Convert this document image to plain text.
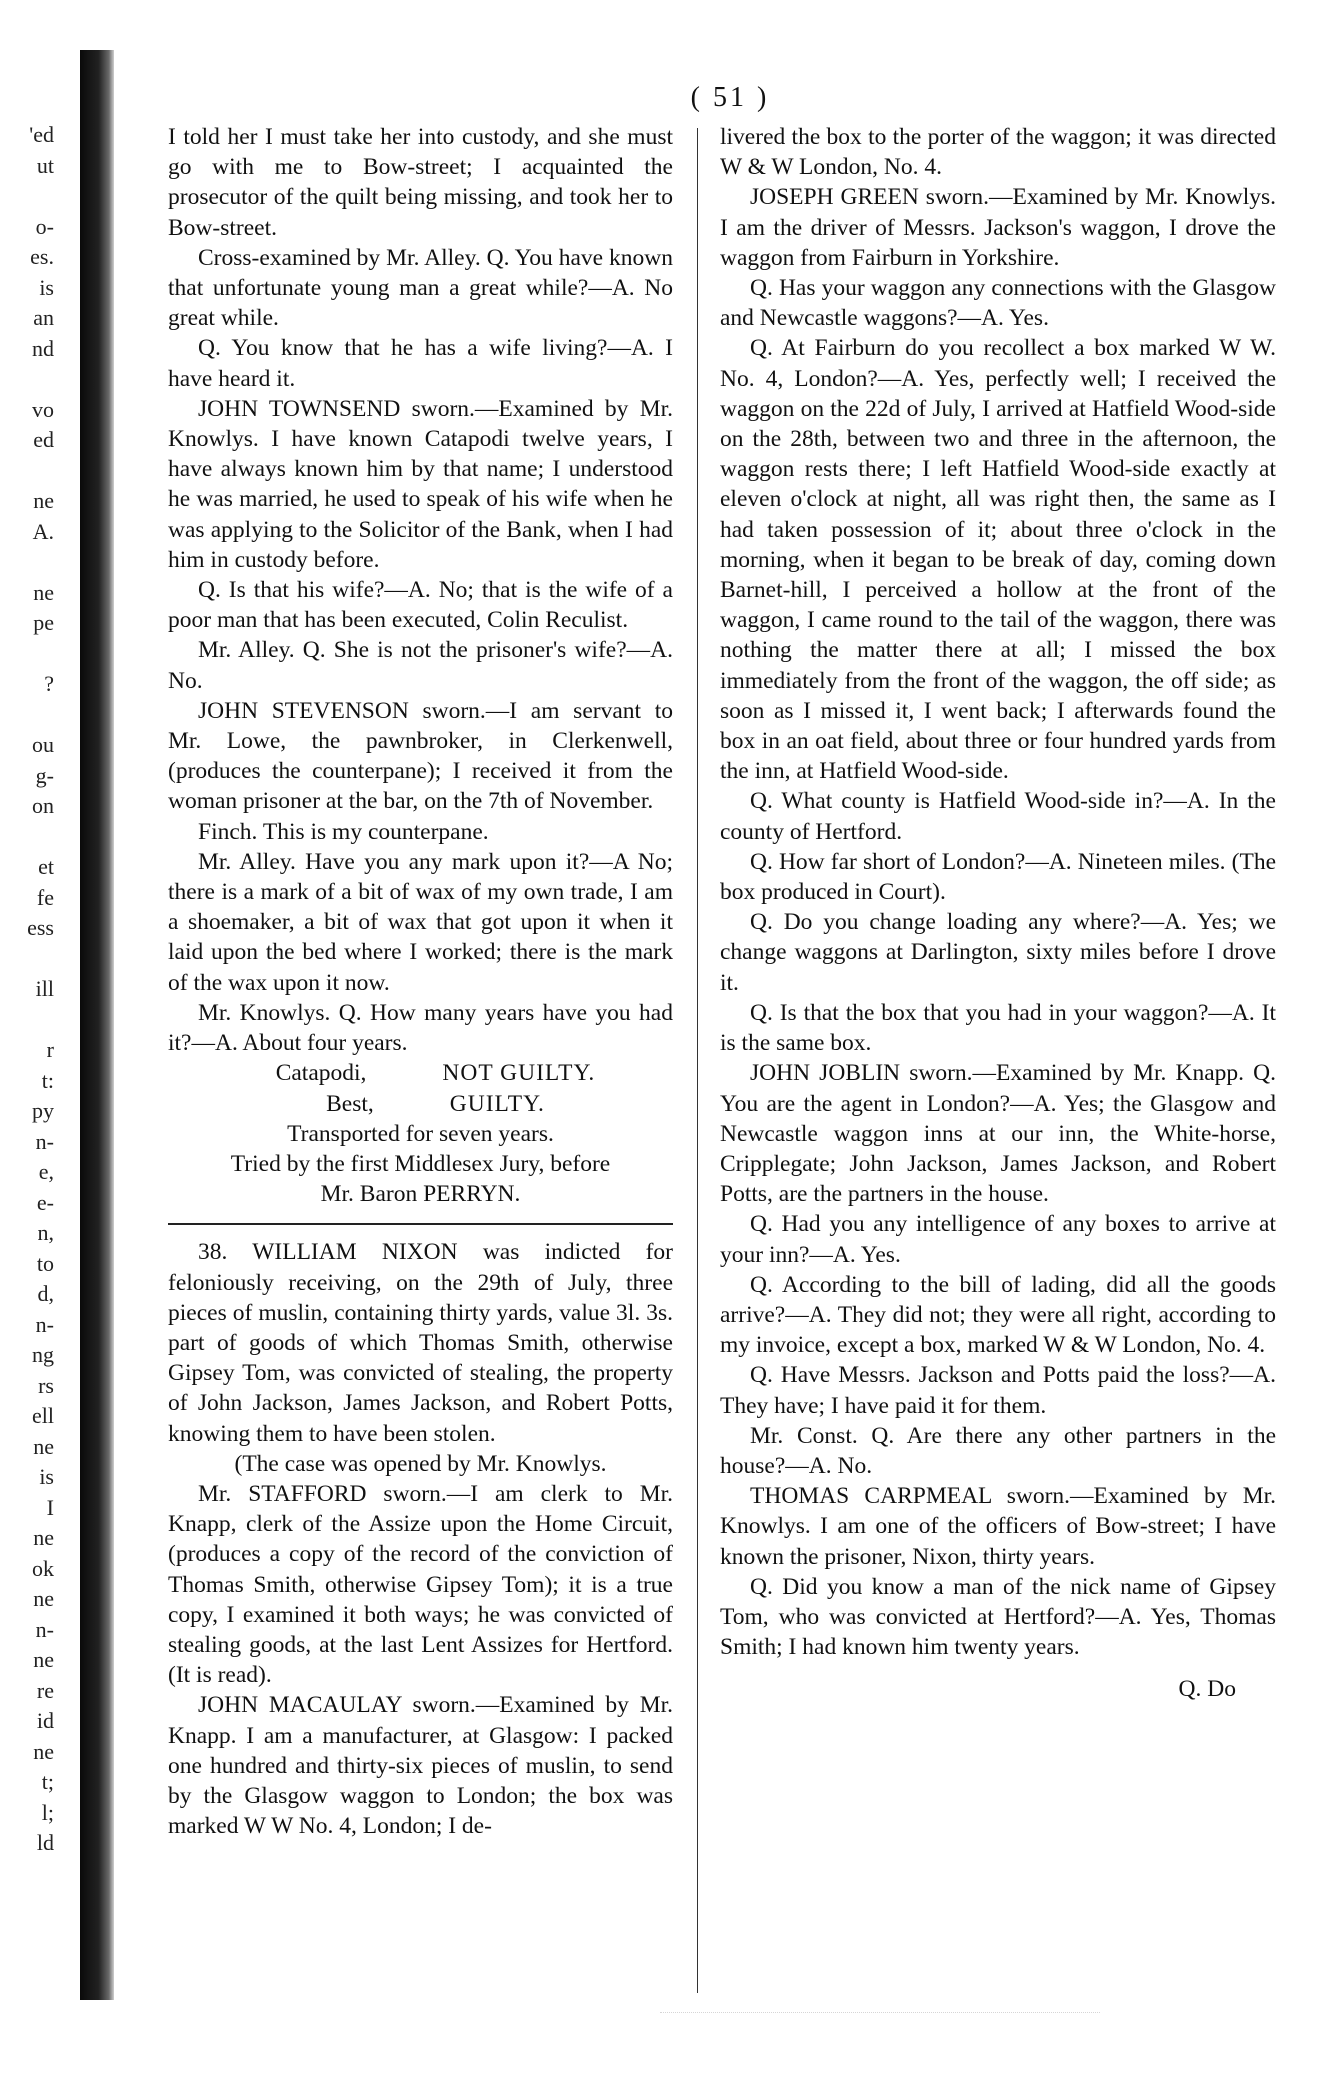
'ed
ut
o-
es.
is
an
nd
vo
ed
ne
A.
ne
pe
?
ou
g-
on
et
fe
ess
ill
r
t:
py
n-
e,
e-
n,
to
d,
n-
ng
rs
ell
ne
is
I
ne
ok
ne
n-
ne
re
id
ne
t;
l;
ld
( 51 )

I told her I must take her into custody, and she must go with me to Bow-street; I acquainted the prosecutor of the quilt being missing, and took her to Bow-street.

Cross-examined by Mr. Alley. Q. You have known that unfortunate young man a great while?—A. No great while.

Q. You know that he has a wife living?—A. I have heard it.

JOHN TOWNSEND sworn.—Examined by Mr. Knowlys. I have known Catapodi twelve years, I have always known him by that name; I understood he was married, he used to speak of his wife when he was applying to the Solicitor of the Bank, when I had him in custody before.

Q. Is that his wife?—A. No; that is the wife of a poor man that has been executed, Colin Reculist.

Mr. Alley. Q. She is not the prisoner's wife?—A. No.

JOHN STEVENSON sworn.—I am servant to Mr. Lowe, the pawnbroker, in Clerkenwell, (produces the counterpane); I received it from the woman prisoner at the bar, on the 7th of November.

Finch. This is my counterpane.

Mr. Alley. Have you any mark upon it?—A No; there is a mark of a bit of wax of my own trade, I am a shoemaker, a bit of wax that got upon it when it laid upon the bed where I worked; there is the mark of the wax upon it now.

Mr. Knowlys. Q. How many years have you had it?—A. About four years.

Catapodi,	NOT GUILTY.

Best,	GUILTY.

Transported for seven years.

Tried by the first Middlesex Jury, before

Mr. Baron PERRYN.

38. WILLIAM NIXON was indicted for feloniously receiving, on the 29th of July, three pieces of muslin, containing thirty yards, value 3l. 3s. part of goods of which Thomas Smith, otherwise Gipsey Tom, was convicted of stealing, the property of John Jackson, James Jackson, and Robert Potts, knowing them to have been stolen.

(The case was opened by Mr. Knowlys.

Mr. STAFFORD sworn.—I am clerk to Mr. Knapp, clerk of the Assize upon the Home Circuit, (produces a copy of the record of the conviction of Thomas Smith, otherwise Gipsey Tom); it is a true copy, I examined it both ways; he was convicted of stealing goods, at the last Lent Assizes for Hertford. (It is read).

JOHN MACAULAY sworn.—Examined by Mr. Knapp. I am a manufacturer, at Glasgow: I packed one hundred and thirty-six pieces of muslin, to send by the Glasgow waggon to London; the box was marked W W No. 4, London; I de-

livered the box to the porter of the waggon; it was directed W & W London, No. 4.

JOSEPH GREEN sworn.—Examined by Mr. Knowlys. I am the driver of Messrs. Jackson's waggon, I drove the waggon from Fairburn in Yorkshire.

Q. Has your waggon any connections with the Glasgow and Newcastle waggons?—A. Yes.

Q. At Fairburn do you recollect a box marked W W. No. 4, London?—A. Yes, perfectly well; I received the waggon on the 22d of July, I arrived at Hatfield Wood-side on the 28th, between two and three in the afternoon, the waggon rests there; I left Hatfield Wood-side exactly at eleven o'clock at night, all was right then, the same as I had taken possession of it; about three o'clock in the morning, when it began to be break of day, coming down Barnet-hill, I perceived a hollow at the front of the waggon, I came round to the tail of the waggon, there was nothing the matter there at all; I missed the box immediately from the front of the waggon, the off side; as soon as I missed it, I went back; I afterwards found the box in an oat field, about three or four hundred yards from the inn, at Hatfield Wood-side.

Q. What county is Hatfield Wood-side in?—A. In the county of Hertford.

Q. How far short of London?—A. Nineteen miles. (The box produced in Court).

Q. Do you change loading any where?—A. Yes; we change waggons at Darlington, sixty miles before I drove it.

Q. Is that the box that you had in your waggon?—A. It is the same box.

JOHN JOBLIN sworn.—Examined by Mr. Knapp. Q. You are the agent in London?—A. Yes; the Glasgow and Newcastle waggon inns at our inn, the White-horse, Cripplegate; John Jackson, James Jackson, and Robert Potts, are the partners in the house.

Q. Had you any intelligence of any boxes to arrive at your inn?—A. Yes.

Q. According to the bill of lading, did all the goods arrive?—A. They did not; they were all right, according to my invoice, except a box, marked W & W London, No. 4.

Q. Have Messrs. Jackson and Potts paid the loss?—A. They have; I have paid it for them.

Mr. Const. Q. Are there any other partners in the house?—A. No.

THOMAS CARPMEAL sworn.—Examined by Mr. Knowlys. I am one of the officers of Bow-street; I have known the prisoner, Nixon, thirty years.

Q. Did you know a man of the nick name of Gipsey Tom, who was convicted at Hertford?—A. Yes, Thomas Smith; I had known him twenty years.

Q. Do
